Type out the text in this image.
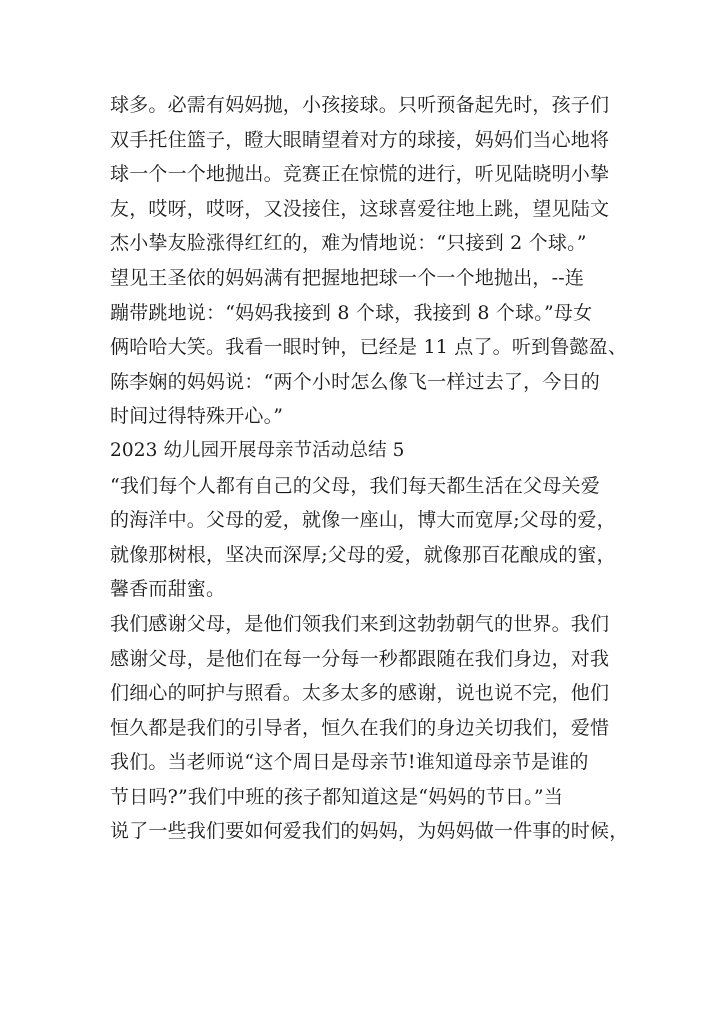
球多。必需有妈妈抛，小孩接球。只听预备起先时，孩子们
双手托住篮子，瞪大眼睛望着对方的球接，妈妈们当心地将
球一个一个地抛出。竞赛正在惊慌的进行，听见陆晓明小挚
友，哎呀，哎呀，又没接住，这球喜爱往地上跳，望见陆文
杰小挚友脸涨得红红的，难为情地说：“只接到 2 个球。”
望见王圣依的妈妈满有把握地把球一个一个地抛出，--连
蹦带跳地说：“妈妈我接到 8 个球，我接到 8 个球。”母女
俩哈哈大笑。我看一眼时钟，已经是 11 点了。听到鲁懿盈、
陈李娴的妈妈说：“两个小时怎么像飞一样过去了，今日的
时间过得特殊开心。”
2023 幼儿园开展母亲节活动总结 5
“我们每个人都有自己的父母，我们每天都生活在父母关爱
的海洋中。父母的爱，就像一座山，博大而宽厚;父母的爱，
就像那树根，坚决而深厚;父母的爱，就像那百花酿成的蜜，
馨香而甜蜜。
我们感谢父母，是他们领我们来到这勃勃朝气的世界。我们
感谢父母，是他们在每一分每一秒都跟随在我们身边，对我
们细心的呵护与照看。太多太多的感谢，说也说不完，他们
恒久都是我们的引导者，恒久在我们的身边关切我们，爱惜
我们。当老师说“这个周日是母亲节!谁知道母亲节是谁的
节日吗?”我们中班的孩子都知道这是“妈妈的节日。”当
说了一些我们要如何爱我们的妈妈，为妈妈做一件事的时候，
